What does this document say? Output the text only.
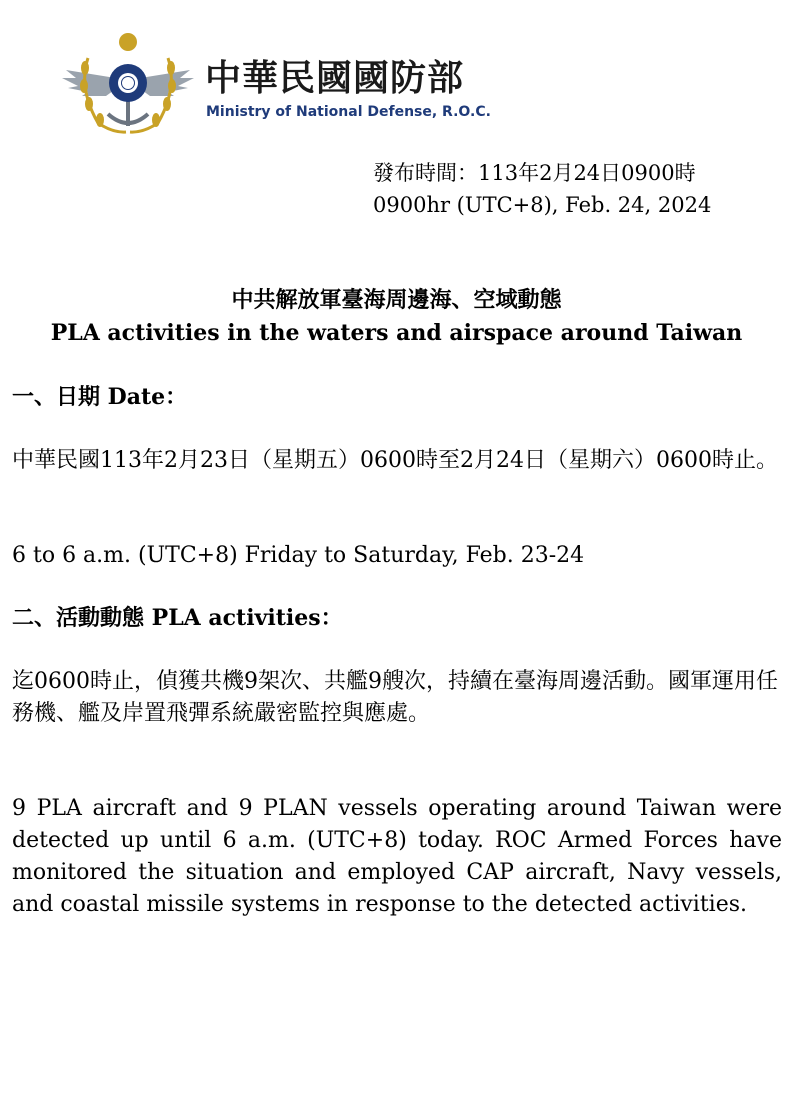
中華民國國防部
Ministry of National Defense, R.O.C.
發布時間：113年2月24日0900時
0900hr (UTC+8), Feb. 24, 2024
中共解放軍臺海周邊海、空域動態
PLA activities in the waters and airspace around Taiwan
一、日期 Date：
中華民國113年2月23日（星期五）0600時至2月24日（星期六）0600時止。
6 to 6 a.m. (UTC+8) Friday to Saturday, Feb. 23-24
二、活動動態 PLA activities：
迄0600時止，偵獲共機9架次、共艦9艘次，持續在臺海周邊活動。國軍運用任務機、艦及岸置飛彈系統嚴密監控與應處。
9 PLA aircraft and 9 PLAN vessels operating around Taiwan were detected up until 6 a.m. (UTC+8) today. ROC Armed Forces have monitored the situation and employed CAP aircraft, Navy vessels, and coastal missile systems in response to the detected activities.
